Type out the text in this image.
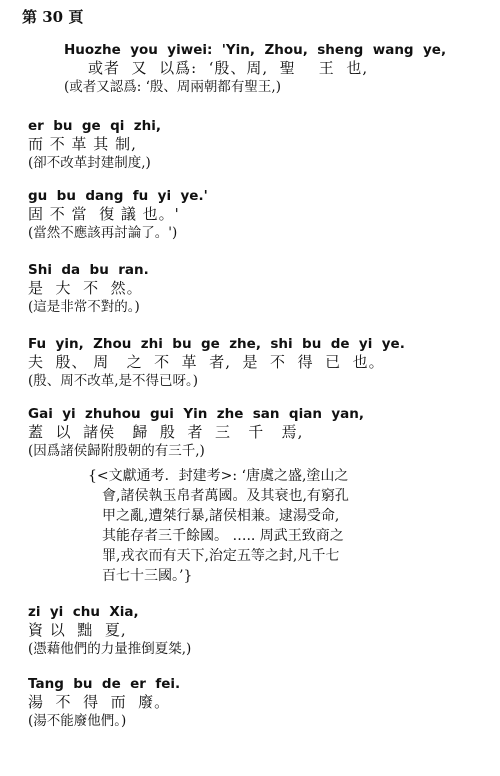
第 30 頁
Huozhe  you  yiwei:  'Yin,  Zhou,  sheng  wang  ye,
或者  又  以爲:  ‘殷、周,  聖    王  也,
(或者又認爲: ‘殷、周兩朝都有聖王,)
er  bu  ge  qi  zhi,
而 不 革 其 制,
(卻不改革封建制度,)
gu  bu  dang  fu  yi  ye.'
固 不 當  復 議 也。'
(當然不應該再討論了。')
Shi  da  bu  ran.
是  大  不  然。
(這是非常不對的。)
Fu  yin,  Zhou  zhi  bu  ge  zhe,  shi  bu  de  yi  ye.
夫  殷、 周   之  不  革  者,  是  不  得  已  也。
(殷、周不改革,是不得已呀。)
Gai  yi  zhuhou  gui  Yin  zhe  san  qian  yan,
蓋  以  諸侯   歸  殷  者  三   千   焉,
(因爲諸侯歸附殷朝的有三千,)
{<文獻通考．封建考>: ‘唐虞之盛,塗山之
會,諸侯執玉帛者萬國。及其衰也,有窮孔
甲之亂,遭桀行暴,諸侯相兼。逮湯受命,
其能存者三千餘國。 ….. 周武王致商之
罪,戎衣而有天下,治定五等之封,凡千七
百七十三國。’}
zi  yi  chu  Xia,
資 以  黜  夏,
(憑藉他們的力量推倒夏桀,)
Tang  bu  de  er  fei.
湯  不  得  而  廢。
(湯不能廢他們。)
